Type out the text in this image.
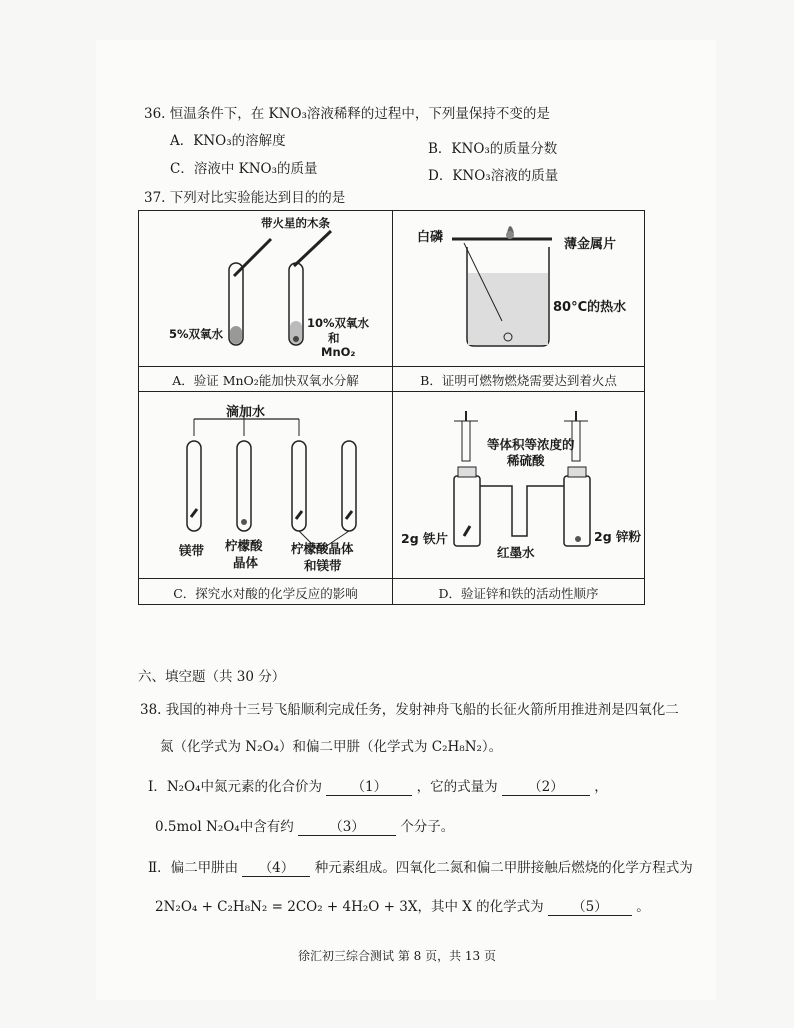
36. 恒温条件下，在 KNO₃溶液稀释的过程中，下列量保持不变的是
A．KNO₃的溶解度	B．KNO₃的质量分数
C．溶液中 KNO₃的质量	D．KNO₃溶液的质量
37. 下列对比实验能达到目的的是
带火星的木条
5%双氧水
10%双氧水
和
MnO₂
A．验证 MnO₂能加快双氧水分解
白磷	薄金属片
80°C的热水
B．证明可燃物燃烧需要达到着火点
滴加水
镁带 柠檬酸
晶体
柠檬酸晶体
和镁带
C．探究水对酸的化学反应的影响
等体积等浓度的
稀硫酸
2g 铁片	2g 锌粉
红墨水
D．验证锌和铁的活动性顺序
六、填空题（共 30 分）
38. 我国的神舟十三号飞船顺利完成任务，发射神舟飞船的长征火箭所用推进剂是四氧化二
氮（化学式为 N₂O₄）和偏二甲肼（化学式为 C₂H₈N₂）。
Ⅰ．N₂O₄中氮元素的化合价为 （1） ，它的式量为 （2） ，
0.5mol N₂O₄中含有约	（3）	个分子。
Ⅱ．偏二甲肼由 （4） 种元素组成。四氧化二氮和偏二甲肼接触后燃烧的化学方程式为
2N₂O₄ + C₂H₈N₂ = 2CO₂ + 4H₂O + 3X，其中 X 的化学式为 （5） 。
徐汇初三综合测试 第 8 页，共 13 页
